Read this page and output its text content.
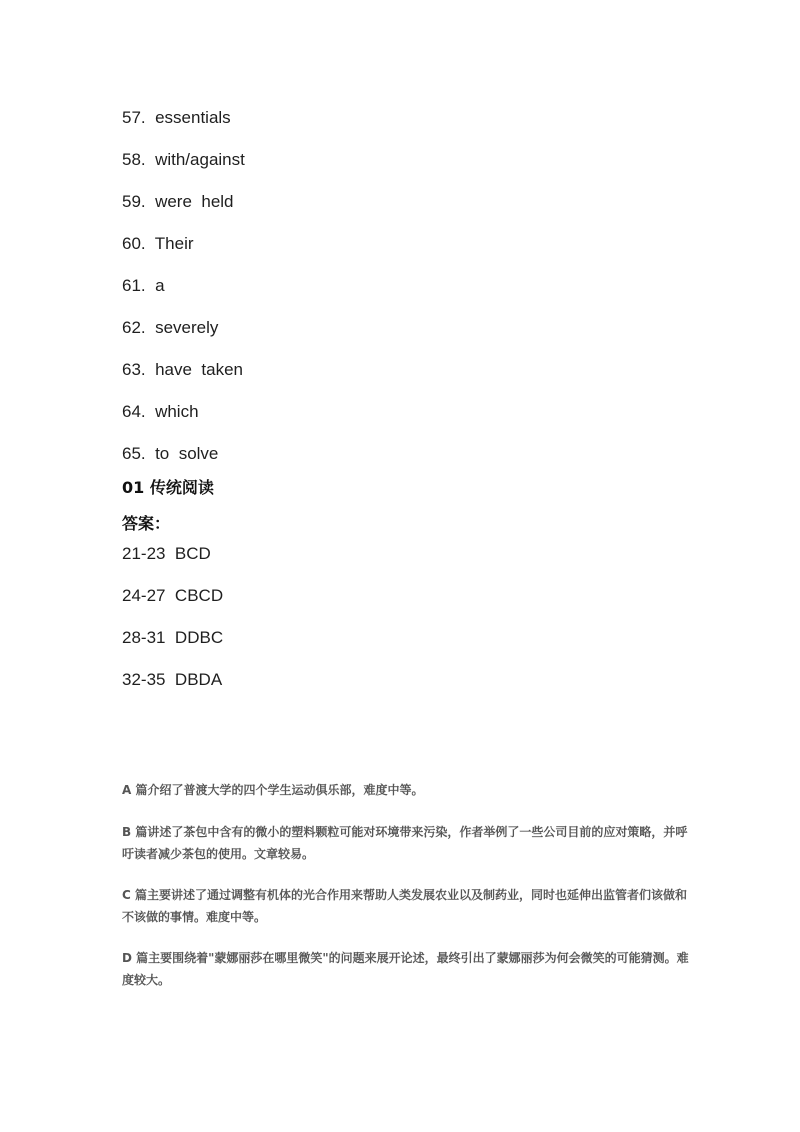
57.  essentials
58.  with/against
59.  were  held
60.  Their
61.  a
62.  severely
63.  have  taken
64.  which
65.  to  solve
01 传统阅读
答案：
21-23  BCD
24-27  CBCD
28-31  DDBC
32-35  DBDA
A 篇介绍了普渡大学的四个学生运动俱乐部，难度中等。
B 篇讲述了茶包中含有的微小的塑料颗粒可能对环境带来污染，作者举例了一些公司目前的应对策略，并呼吁读者减少茶包的使用。文章较易。
C 篇主要讲述了通过调整有机体的光合作用来帮助人类发展农业以及制药业，同时也延伸出监管者们该做和不该做的事情。难度中等。
D 篇主要围绕着"蒙娜丽莎在哪里微笑"的问题来展开论述，最终引出了蒙娜丽莎为何会微笑的可能猜测。难度较大。
